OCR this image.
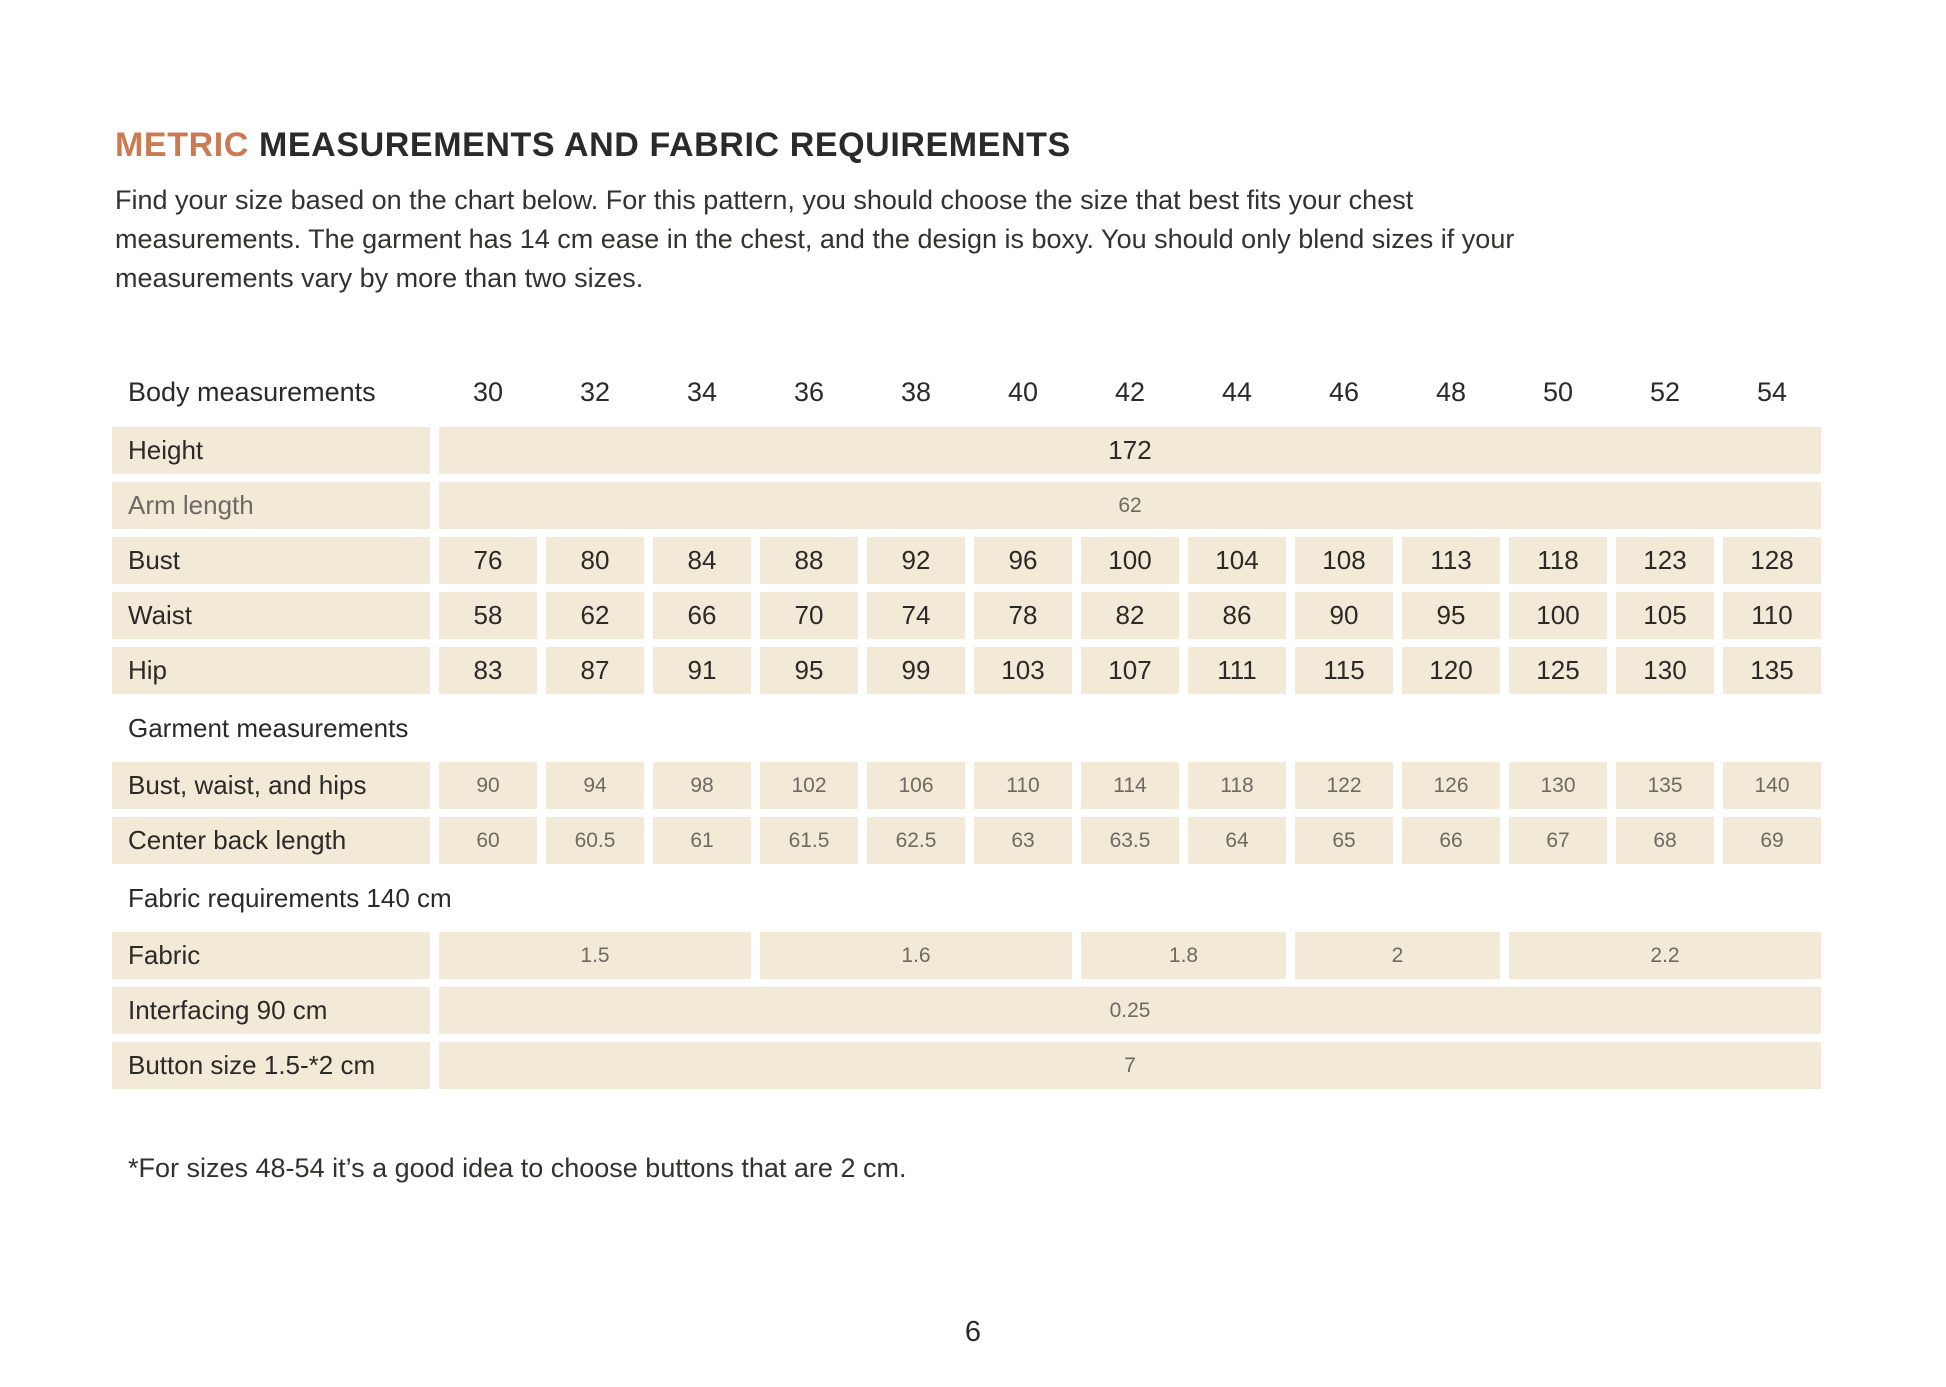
METRIC MEASUREMENTS AND FABRIC REQUIREMENTS
Find your size based on the chart below. For this pattern, you should choose the size that best fits your chest
measurements. The garment has 14 cm ease in the chest, and the design is boxy. You should only blend sizes if your
measurements vary by more than two sizes.
Body measurements	30	32	34	36	38	40	42	44	46	48	50	52	54
Height	172
Arm length	62
Bust	76	80	84	88	92	96	100	104	108	113	118	123	128
Waist	58	62	66	70	74	78	82	86	90	95	100	105	110
Hip	83	87	91	95	99	103	107	111	115	120	125	130	135
Garment measurements
Bust, waist, and hips	90	94	98	102	106	110	114	118	122	126	130	135	140
Center back length	60	60.5	61	61.5	62.5	63	63.5	64	65	66	67	68	69
Fabric requirements 140 cm
Fabric	1.5	1.6	1.8	2	2.2
Interfacing 90 cm	0.25
Button size 1.5-*2 cm	7
*For sizes 48-54 it’s a good idea to choose buttons that are 2 cm.
6
